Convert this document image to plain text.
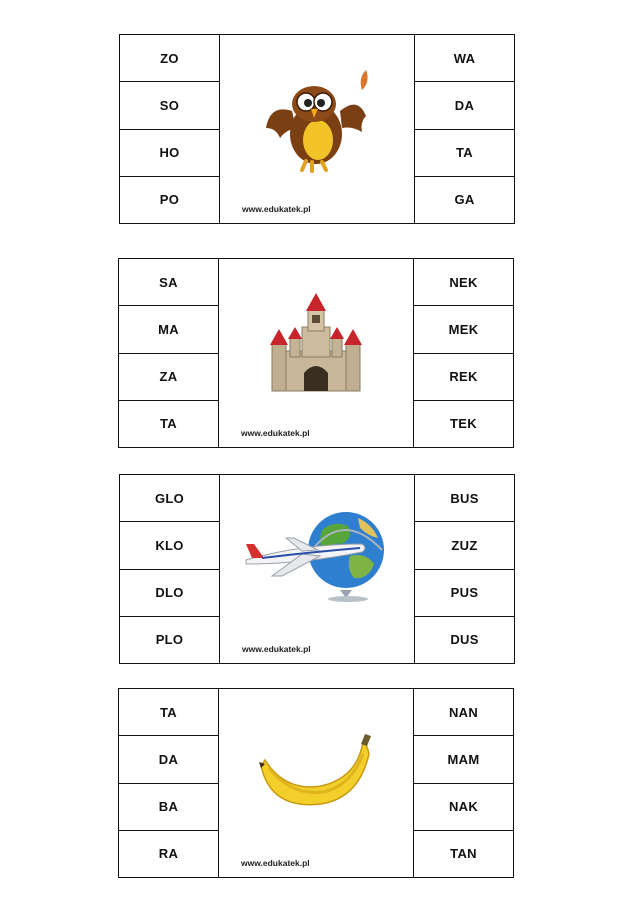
ZO
SO
HO
PO
www.edukatek.pl
WA
DA
TA
GA
SA
MA
ZA
TA
www.edukatek.pl
NEK
MEK
REK
TEK
GLO
KLO
DLO
PLO
www.edukatek.pl
BUS
ZUZ
PUS
DUS
TA
DA
BA
RA
www.edukatek.pl
NAN
MAM
NAK
TAN
